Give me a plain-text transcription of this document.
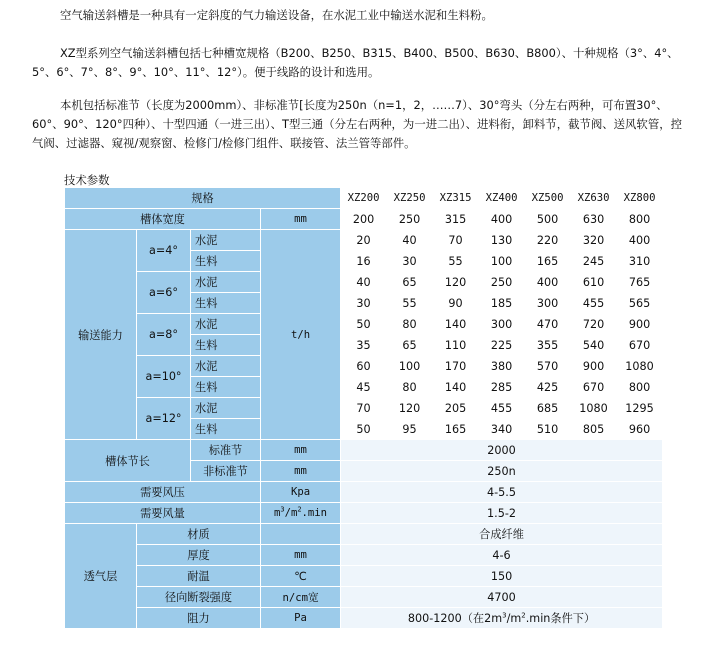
空气输送斜槽是一种具有一定斜度的气力输送设备，在水泥工业中输送水泥和生料粉。
XZ型系列空气输送斜槽包括七种槽宽规格（B200、B250、B315、B400、B500、B630、B800）、十种规格（3°、4°、5°、6°、7°、8°、9°、10°、11°、12°）。便于线路的设计和选用。
本机包括标准节（长度为2000mm）、非标准节[长度为250n（n=1，2，……7）、30°弯头（分左右两种，可布置30°、60°、90°、120°四种）、十型四通（一进三出）、T型三通（分左右两种，为一进二出）、进料衔，卸料节，截节阀、送风软管，控气阀、过滤器、窥视/观察窗、检修门/检修门组件、联接管、法兰管等部件。
技术参数
规格				XZ200	XZ250	XZ315	XZ400	XZ500	XZ630	XZ800
槽体宽度			mm	200	250	315	400	500	630	800
输送能力	a=4°	水泥	t/h	20	40	70	130	220	320	400
		生料		16	30	55	100	165	245	310
	a=6°	水泥		40	65	120	250	400	610	765
		生料		30	55	90	185	300	455	565
	a=8°	水泥		50	80	140	300	470	720	900
		生料		35	65	110	225	355	540	670
	a=10°	水泥		60	100	170	380	570	900	1080
		生料		45	80	140	285	425	670	800
	a=12°	水泥		70	120	205	455	685	1080	1295
		生料		50	95	165	340	510	805	960
槽体节长		标准节	mm	2000						
		非标准节	mm	250n						
需要风压			Kpa	4-5.5						
需要风量			$m^3/m^2.\min$	1.5-2						
透气层	材质			合成纤维						
	厚度		mm	4-6						
	耐温		℃	150						
	径向断裂强度		n/cm宽	4700						
	阻力		Pa	800-1200（在$2m^3/m^2.\min$条件下）						
